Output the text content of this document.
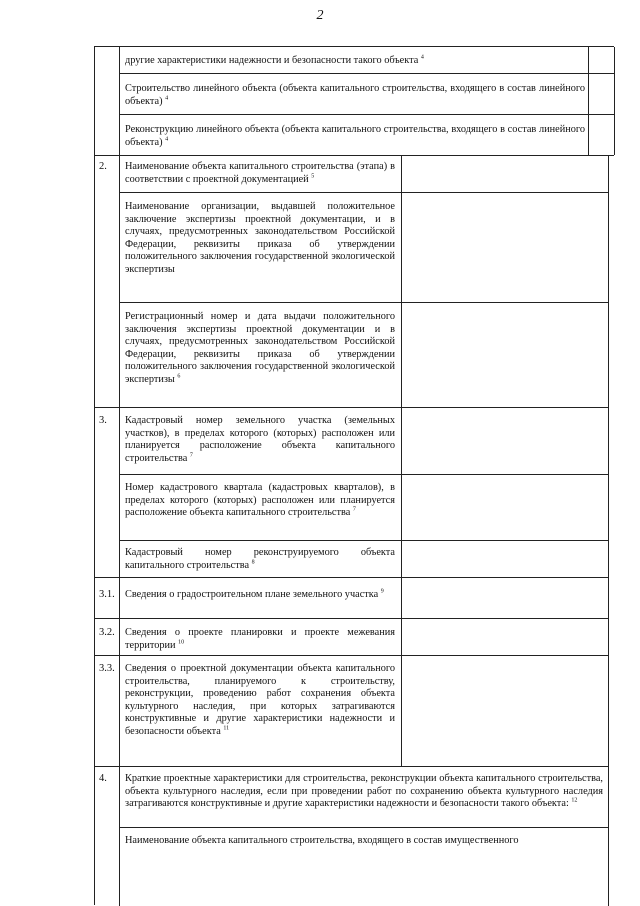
2
другие характеристики надежности и безопасности такого объекта $^4$
Строительство линейного объекта (объекта капитального строительства, входящего в состав линейного объекта) $^4$
Реконструкцию линейного объекта (объекта капитального строительства, входящего в состав линейного объекта) $^4$
2. Наименование объекта капитального строительства (этапа) в соответствии с проектной документацией $^5$
Наименование организации, выдавшей положительное заключение экспертизы проектной документации, и в случаях, предусмотренных законодательством Российской Федерации, реквизиты приказа об утверждении положительного заключения государственной экологической экспертизы
Регистрационный номер и дата выдачи положительного заключения экспертизы проектной документации и в случаях, предусмотренных законодательством Российской Федерации, реквизиты приказа об утверждении положительного заключения государственной экологической экспертизы $^6$
3. Кадастровый номер земельного участка (земельных участков), в пределах которого (которых) расположен или планируется расположение объекта капитального строительства $^7$
Номер кадастрового квартала (кадастровых кварталов), в пределах которого (которых) расположен или планируется расположение объекта капитального строительства $^7$
Кадастровый номер реконструируемого объекта капитального строительства $^8$
3.1. Сведения о градостроительном плане земельного участка $^9$
3.2. Сведения о проекте планировки и проекте межевания территории $^{10}$
3.3. Сведения о проектной документации объекта капитального строительства, планируемого к строительству, реконструкции, проведению работ сохранения объекта культурного наследия, при которых затрагиваются конструктивные и другие характеристики надежности и безопасности объекта $^{11}$
4. Краткие проектные характеристики для строительства, реконструкции объекта капитального строительства, объекта культурного наследия, если при проведении работ по сохранению объекта культурного наследия затрагиваются конструктивные и другие характеристики надежности и безопасности такого объекта: $^{12}$
Наименование объекта капитального строительства, входящего в состав имущественного
